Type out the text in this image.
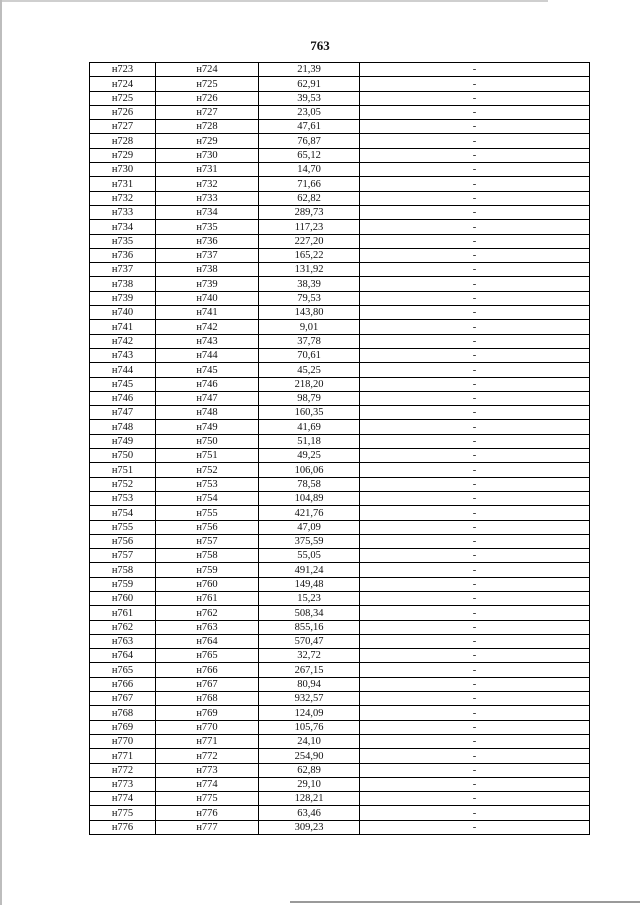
763
н723	н724	21,39	-
н724	н725	62,91	-
н725	н726	39,53	-
н726	н727	23,05	-
н727	н728	47,61	-
н728	н729	76,87	-
н729	н730	65,12	-
н730	н731	14,70	-
н731	н732	71,66	-
н732	н733	62,82	-
н733	н734	289,73	-
н734	н735	117,23	-
н735	н736	227,20	-
н736	н737	165,22	-
н737	н738	131,92	-
н738	н739	38,39	-
н739	н740	79,53	-
н740	н741	143,80	-
н741	н742	9,01	-
н742	н743	37,78	-
н743	н744	70,61	-
н744	н745	45,25	-
н745	н746	218,20	-
н746	н747	98,79	-
н747	н748	160,35	-
н748	н749	41,69	-
н749	н750	51,18	-
н750	н751	49,25	-
н751	н752	106,06	-
н752	н753	78,58	-
н753	н754	104,89	-
н754	н755	421,76	-
н755	н756	47,09	-
н756	н757	375,59	-
н757	н758	55,05	-
н758	н759	491,24	-
н759	н760	149,48	-
н760	н761	15,23	-
н761	н762	508,34	-
н762	н763	855,16	-
н763	н764	570,47	-
н764	н765	32,72	-
н765	н766	267,15	-
н766	н767	80,94	-
н767	н768	932,57	-
н768	н769	124,09	-
н769	н770	105,76	-
н770	н771	24,10	-
н771	н772	254,90	-
н772	н773	62,89	-
н773	н774	29,10	-
н774	н775	128,21	-
н775	н776	63,46	-
н776	н777	309,23	-
